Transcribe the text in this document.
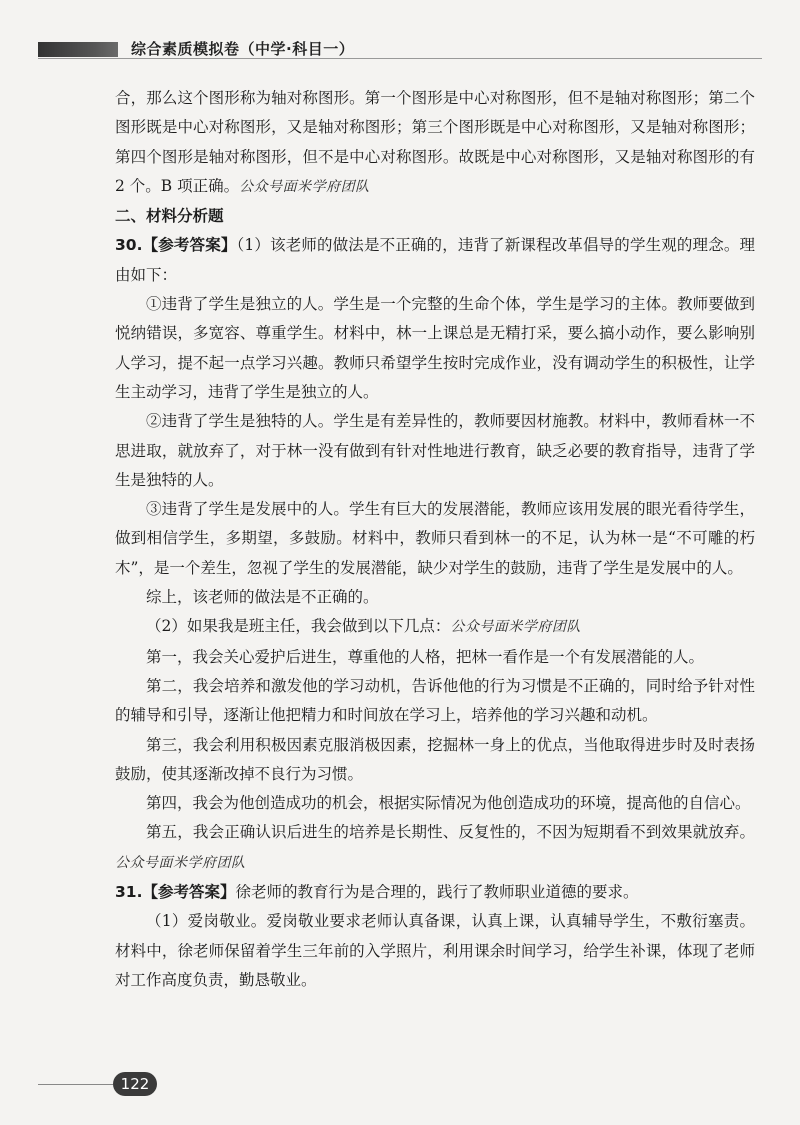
综合素质模拟卷（中学·科目一）

合，那么这个图形称为轴对称图形。第一个图形是中心对称图形，但不是轴对称图形；第二个图形既是中心对称图形，又是轴对称图形；第三个图形既是中心对称图形，又是轴对称图形；第四个图形是轴对称图形，但不是中心对称图形。故既是中心对称图形，又是轴对称图形的有 2 个。B 项正确。公众号面米学府团队

二、材料分析题

30.【参考答案】（1）该老师的做法是不正确的，违背了新课程改革倡导的学生观的理念。理由如下：

①违背了学生是独立的人。学生是一个完整的生命个体，学生是学习的主体。教师要做到悦纳错误，多宽容、尊重学生。材料中，林一上课总是无精打采，要么搞小动作，要么影响别人学习，提不起一点学习兴趣。教师只希望学生按时完成作业，没有调动学生的积极性，让学生主动学习，违背了学生是独立的人。

②违背了学生是独特的人。学生是有差异性的，教师要因材施教。材料中，教师看林一不思进取，就放弃了，对于林一没有做到有针对性地进行教育，缺乏必要的教育指导，违背了学生是独特的人。

③违背了学生是发展中的人。学生有巨大的发展潜能，教师应该用发展的眼光看待学生，做到相信学生，多期望，多鼓励。材料中，教师只看到林一的不足，认为林一是“不可雕的朽木”，是一个差生，忽视了学生的发展潜能，缺少对学生的鼓励，违背了学生是发展中的人。

综上，该老师的做法是不正确的。

（2）如果我是班主任，我会做到以下几点：公众号面米学府团队

第一，我会关心爱护后进生，尊重他的人格，把林一看作是一个有发展潜能的人。

第二，我会培养和激发他的学习动机，告诉他他的行为习惯是不正确的，同时给予针对性的辅导和引导，逐渐让他把精力和时间放在学习上，培养他的学习兴趣和动机。

第三，我会利用积极因素克服消极因素，挖掘林一身上的优点，当他取得进步时及时表扬鼓励，使其逐渐改掉不良行为习惯。

第四，我会为他创造成功的机会，根据实际情况为他创造成功的环境，提高他的自信心。

第五，我会正确认识后进生的培养是长期性、反复性的，不因为短期看不到效果就放弃。公众号面米学府团队

31.【参考答案】徐老师的教育行为是合理的，践行了教师职业道德的要求。

（1）爱岗敬业。爱岗敬业要求老师认真备课，认真上课，认真辅导学生，不敷衍塞责。材料中，徐老师保留着学生三年前的入学照片，利用课余时间学习，给学生补课，体现了老师对工作高度负责，勤恳敬业。

122
